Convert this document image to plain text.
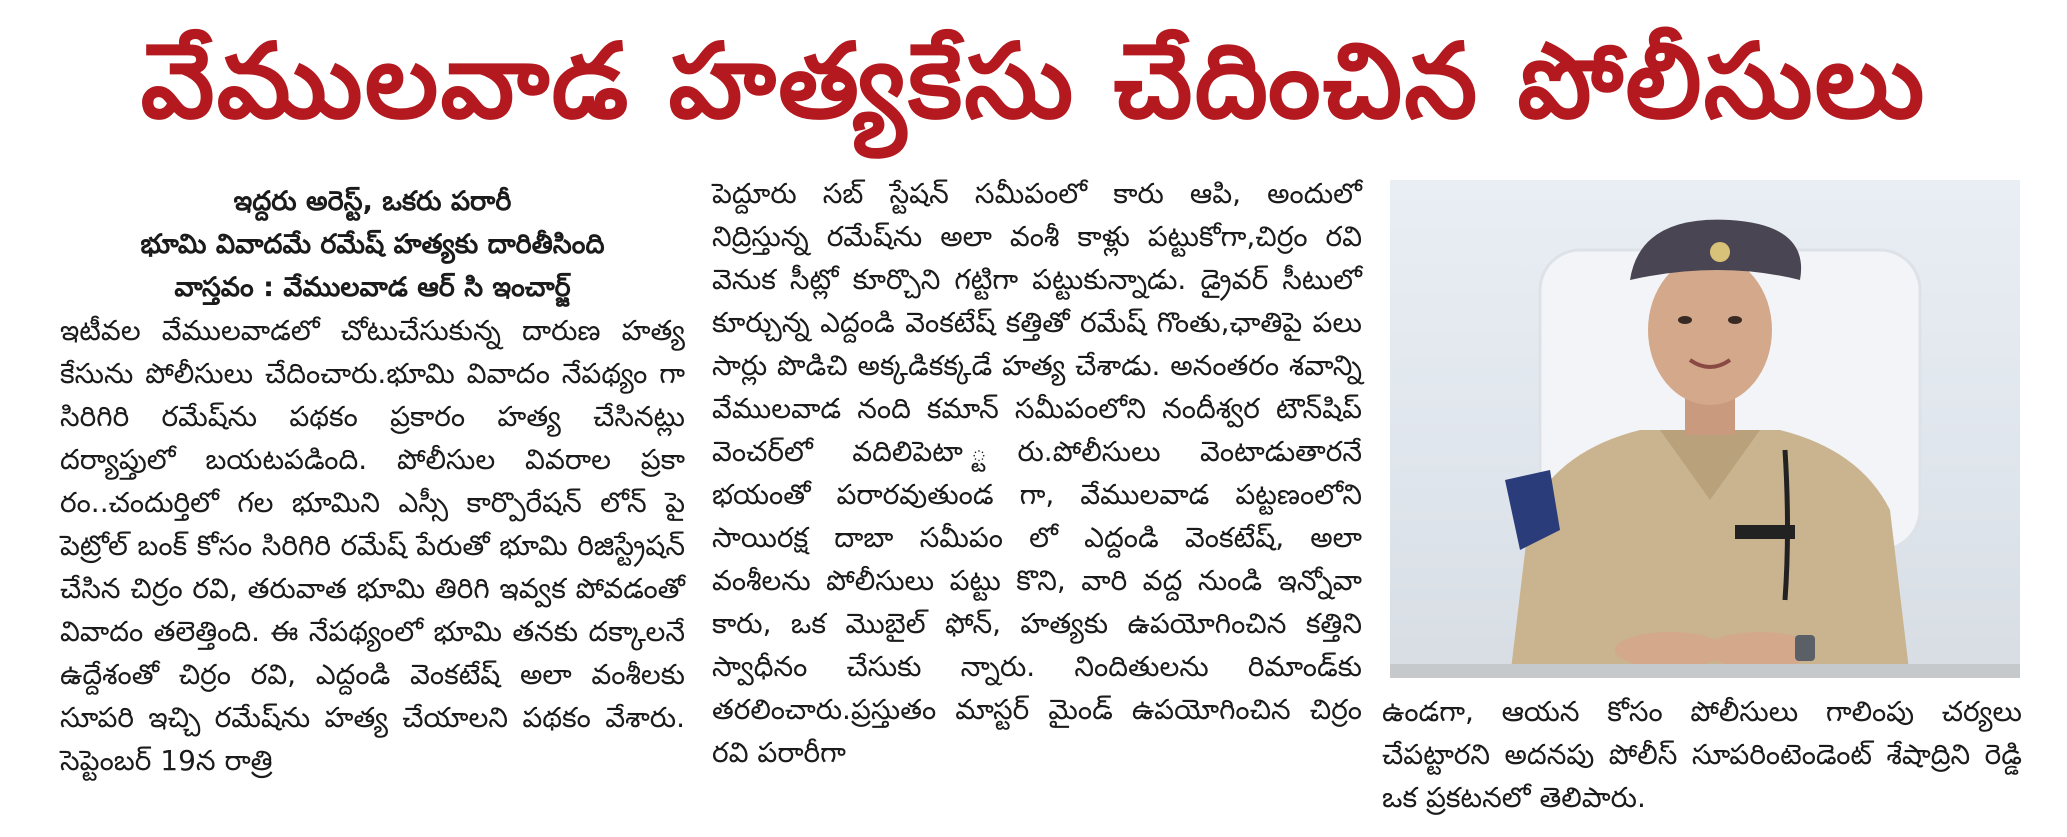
వేములవాడ హత్యకేసు చేదించిన పోలీసులు

ఇద్దరు అరెస్ట్, ఒకరు పరారీ

భూమి వివాదమే రమేష్ హత్యకు దారితీసింది

వాస్తవం : వేములవాడ ఆర్ సి ఇంచార్జ్

ఇటీవల వేములవాడలో చోటుచేసుకున్న దారుణ హత్య కేసును పోలీసులు చేదించారు.భూమి వివాదం నేపథ్యం గా సిరిగిరి రమేష్‌ను పథకం ప్రకారం హత్య చేసినట్లు దర్యాప్తులో బయటపడింది. పోలీసుల వివరాల ప్రకా రం..చందుర్తిలో గల భూమిని ఎస్సీ కార్పొరేషన్ లోన్ పై పెట్రోల్ బంక్ కోసం సిరిగిరి రమేష్ పేరుతో భూమి రిజిస్ట్రేషన్ చేసిన చిర్రం రవి, తరువాత భూమి తిరిగి ఇవ్వక పోవడంతో వివాదం తలెత్తింది. ఈ నేపథ్యంలో భూమి తనకు దక్కాలనే ఉద్దేశంతో చిర్రం రవి, ఎద్దండి వెంకటేష్ అలా వంశీలకు సూపరి ఇచ్చి రమేష్‌ను హత్య చేయాలని పథకం వేశారు. సెప్టెంబర్ 19న రాత్రి

పెద్దూరు సబ్ స్టేషన్ సమీపంలో కారు ఆపి, అందులో నిద్రిస్తున్న రమేష్‌ను అలా వంశీ కాళ్లు పట్టుకోగా,చిర్రం రవి వెనుక సీట్లో కూర్చొని గట్టిగా పట్టుకున్నాడు. డ్రైవర్ సీటులో కూర్చున్న ఎద్దండి వెంకటేష్ కత్తితో రమేష్ గొంతు,ఛాతిపై పలు సార్లు పొడిచి అక్కడికక్కడే హత్య చేశాడు. అనంతరం శవాన్ని వేములవాడ నంది కమాన్ సమీపంలోని నందీశ్వర టౌన్‌షిప్ వెంచర్‌లో వదిలిపెటా ్టరు.పోలీసులు వెంటాడుతారనే భయంతో పరారవుతుండ గా, వేములవాడ పట్టణంలోని సాయిరక్ష దాబా సమీపం లో ఎద్దండి వెంకటేష్, అలా వంశీలను పోలీసులు పట్టు కొని, వారి వద్ద నుండి ఇన్నోవా కారు, ఒక మొబైల్ ఫోన్, హత్యకు ఉపయోగించిన కత్తిని స్వాధీనం చేసుకు న్నారు. నిందితులను రిమాండ్‌కు తరలించారు.ప్రస్తుతం మాస్టర్ మైండ్ ఉపయోగించిన చిర్రం రవి పరారీగా

ఉండగా, ఆయన కోసం పోలీసులు గాలింపు చర్యలు చేపట్టారని అదనపు పోలీస్ సూపరింటెండెంట్ శేషాద్రిని రెడ్డి ఒక ప్రకటనలో తెలిపారు.
